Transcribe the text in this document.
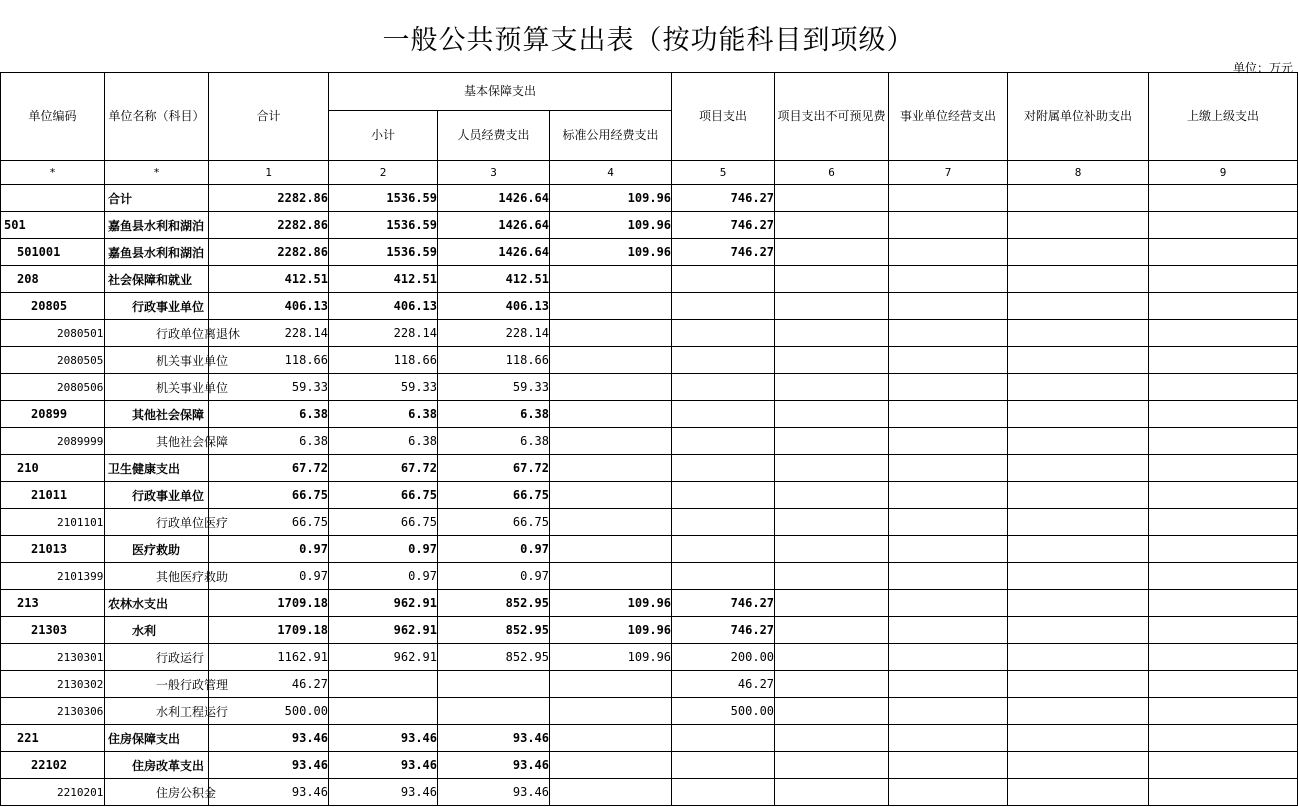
一般公共预算支出表（按功能科目到项级）
单位：万元
单位编码	单位名称（科目）	合计	基本保障支出			项目支出	项目支出不可预见费	事业单位经营支出	对附属单位补助支出	上缴上级支出
			小计	人员经费支出	标准公用经费支出					
*	*	1	2	3	4	5	6	7	8	9
	合计	2282.86	1536.59	1426.64	109.96	746.27				
501	嘉鱼县水利和湖泊	2282.86	1536.59	1426.64	109.96	746.27				
501001	嘉鱼县水利和湖泊	2282.86	1536.59	1426.64	109.96	746.27				
208	社会保障和就业	412.51	412.51	412.51						
20805	行政事业单位	406.13	406.13	406.13						
2080501	行政单位离退休	228.14	228.14	228.14						
2080505	机关事业单位	118.66	118.66	118.66						
2080506	机关事业单位	59.33	59.33	59.33						
20899	其他社会保障	6.38	6.38	6.38						
2089999	其他社会保障	6.38	6.38	6.38						
210	卫生健康支出	67.72	67.72	67.72						
21011	行政事业单位	66.75	66.75	66.75						
2101101	行政单位医疗	66.75	66.75	66.75						
21013	医疗救助	0.97	0.97	0.97						
2101399	其他医疗救助	0.97	0.97	0.97						
213	农林水支出	1709.18	962.91	852.95	109.96	746.27				
21303	水利	1709.18	962.91	852.95	109.96	746.27				
2130301	行政运行	1162.91	962.91	852.95	109.96	200.00				
2130302	一般行政管理	46.27				46.27				
2130306	水利工程运行	500.00				500.00				
221	住房保障支出	93.46	93.46	93.46						
22102	住房改革支出	93.46	93.46	93.46						
2210201	住房公积金	93.46	93.46	93.46						
